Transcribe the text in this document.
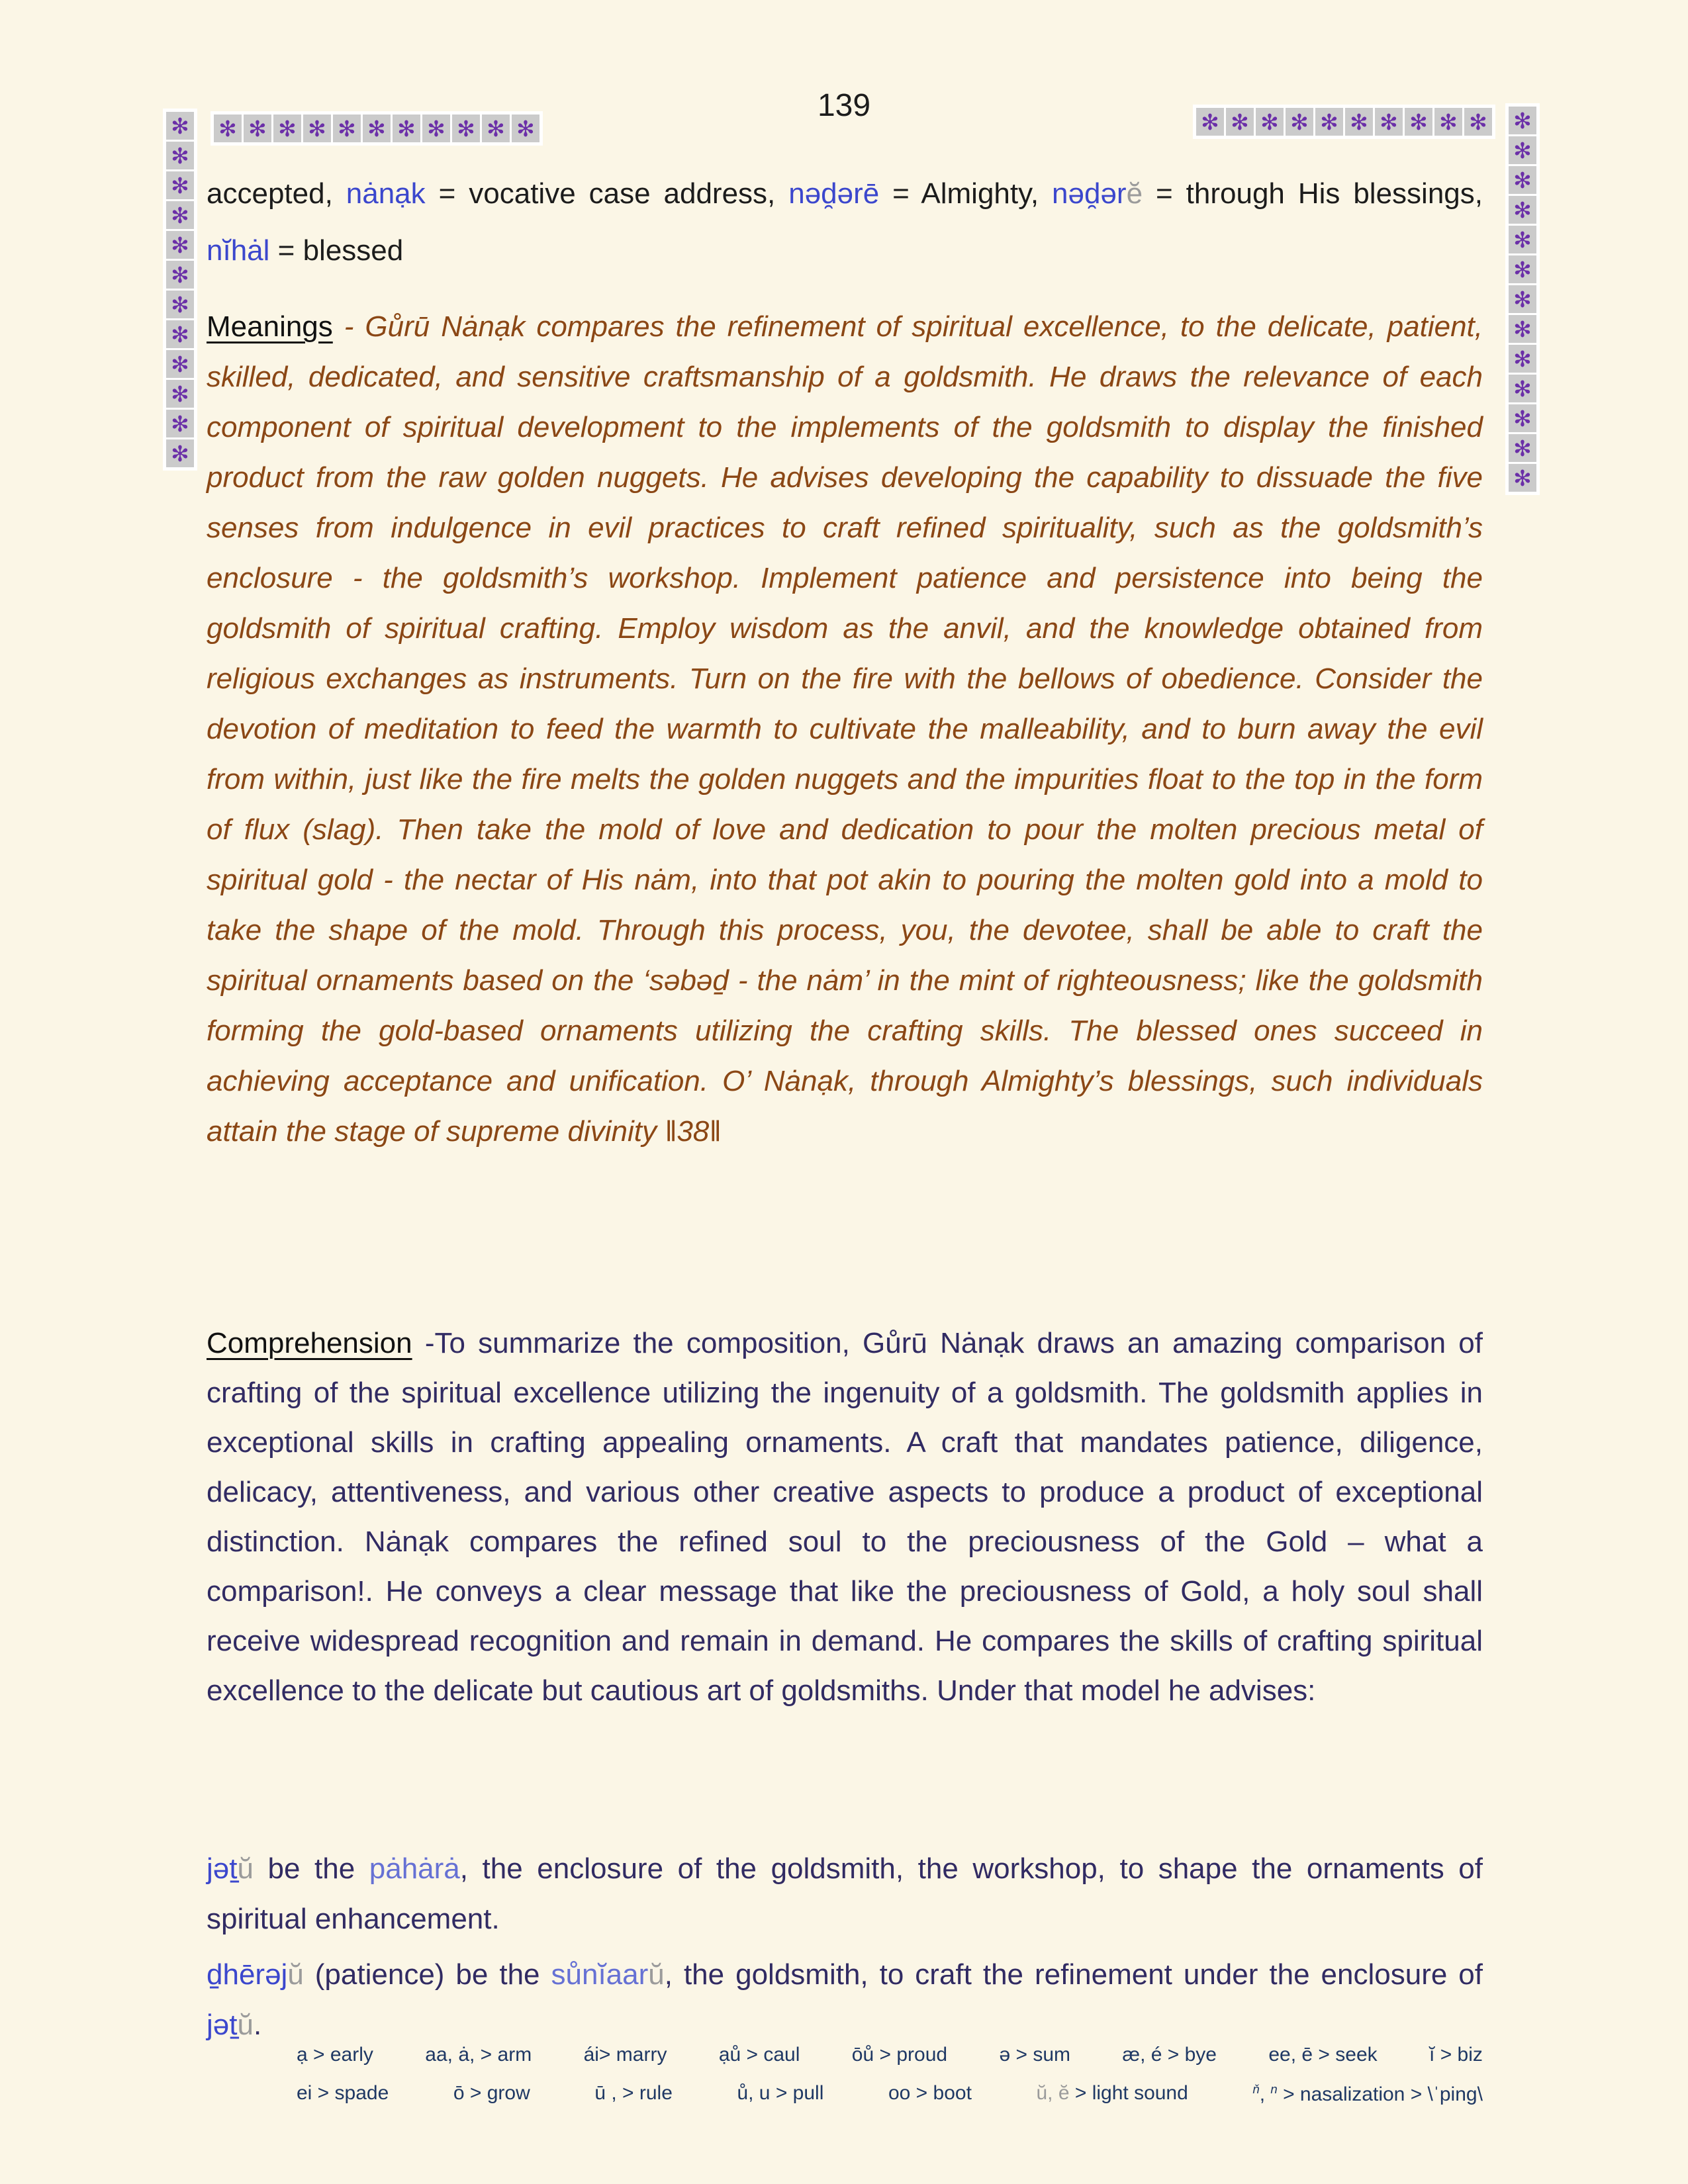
139
✻
✻
✻
✻
✻
✻
✻
✻
✻
✻
✻
✻
✻ ✻ ✻ ✻ ✻ ✻ ✻ ✻ ✻ ✻ ✻	✻ ✻ ✻ ✻ ✻ ✻ ✻ ✻ ✻ ✻ ✻
✻
✻
✻
✻
✻
✻
✻
✻
✻
✻
✻
✻
accepted, nȧnạk = vocative case address, nəd̯ərē = Almighty, nəd̯ərĕ = through His blessings, nĭhȧl = blessed
Meanings - Gůrū Nȧnạk compares the refinement of spiritual excellence, to the delicate, patient, skilled, dedicated, and sensitive craftsmanship of a goldsmith. He draws the relevance of each component of spiritual development to the implements of the goldsmith to display the finished product from the raw golden nuggets. He advises developing the capability to dissuade the five senses from indulgence in evil practices to craft refined spirituality, such as the goldsmith’s enclosure - the goldsmith’s workshop. Implement patience and persistence into being the goldsmith of spiritual crafting. Employ wisdom as the anvil, and the knowledge obtained from religious exchanges as instruments. Turn on the fire with the bellows of obedience. Consider the devotion of meditation to feed the warmth to cultivate the malleability, and to burn away the evil from within, just like the fire melts the golden nuggets and the impurities float to the top in the form of flux (slag). Then take the mold of love and dedication to pour the molten precious metal of spiritual gold - the nectar of His nȧm, into that pot akin to pouring the molten gold into a mold to take the shape of the mold. Through this process, you, the devotee, shall be able to craft the spiritual ornaments based on the ‘səbəd̠ - the nȧm’ in the mint of righteousness; like the goldsmith forming the gold-based ornaments utilizing the crafting skills. The blessed ones succeed in achieving acceptance and unification. O’ Nȧnạk, through Almighty’s blessings, such individuals attain the stage of supreme divinity ‖38‖
Comprehension -To summarize the composition, Gůrū Nȧnạk draws an amazing comparison of crafting of the spiritual excellence utilizing the ingenuity of a goldsmith. The goldsmith applies in exceptional skills in crafting appealing ornaments. A craft that mandates patience, diligence, delicacy, attentiveness, and various other creative aspects to produce a product of exceptional distinction. Nȧnạk compares the refined soul to the preciousness of the Gold – what a comparison!. He conveys a clear message that like the preciousness of Gold, a holy soul shall receive widespread recognition and remain in demand. He compares the skills of crafting spiritual excellence to the delicate but cautious art of goldsmiths. Under that model he advises:
jət̠ŭ be the pȧhȧrȧ, the enclosure of the goldsmith, the workshop, to shape the ornaments of spiritual enhancement.
d̠hērəjŭ (patience) be the sůnĭaarŭ, the goldsmith, to craft the refinement under the enclosure of jət̠ŭ.
ạ > early	aa, ȧ, > arm	ái> marry	ạů > caul	ōů > proud	ə > sum	æ, é > bye	ee, ē > seek	ĭ > biz
ei > spade	ō > grow	ū , > rule	ů, u > pull	oo > boot	ŭ, ĕ > light sound	$^ň$, $^n$ > nasalization > \ˈping\
